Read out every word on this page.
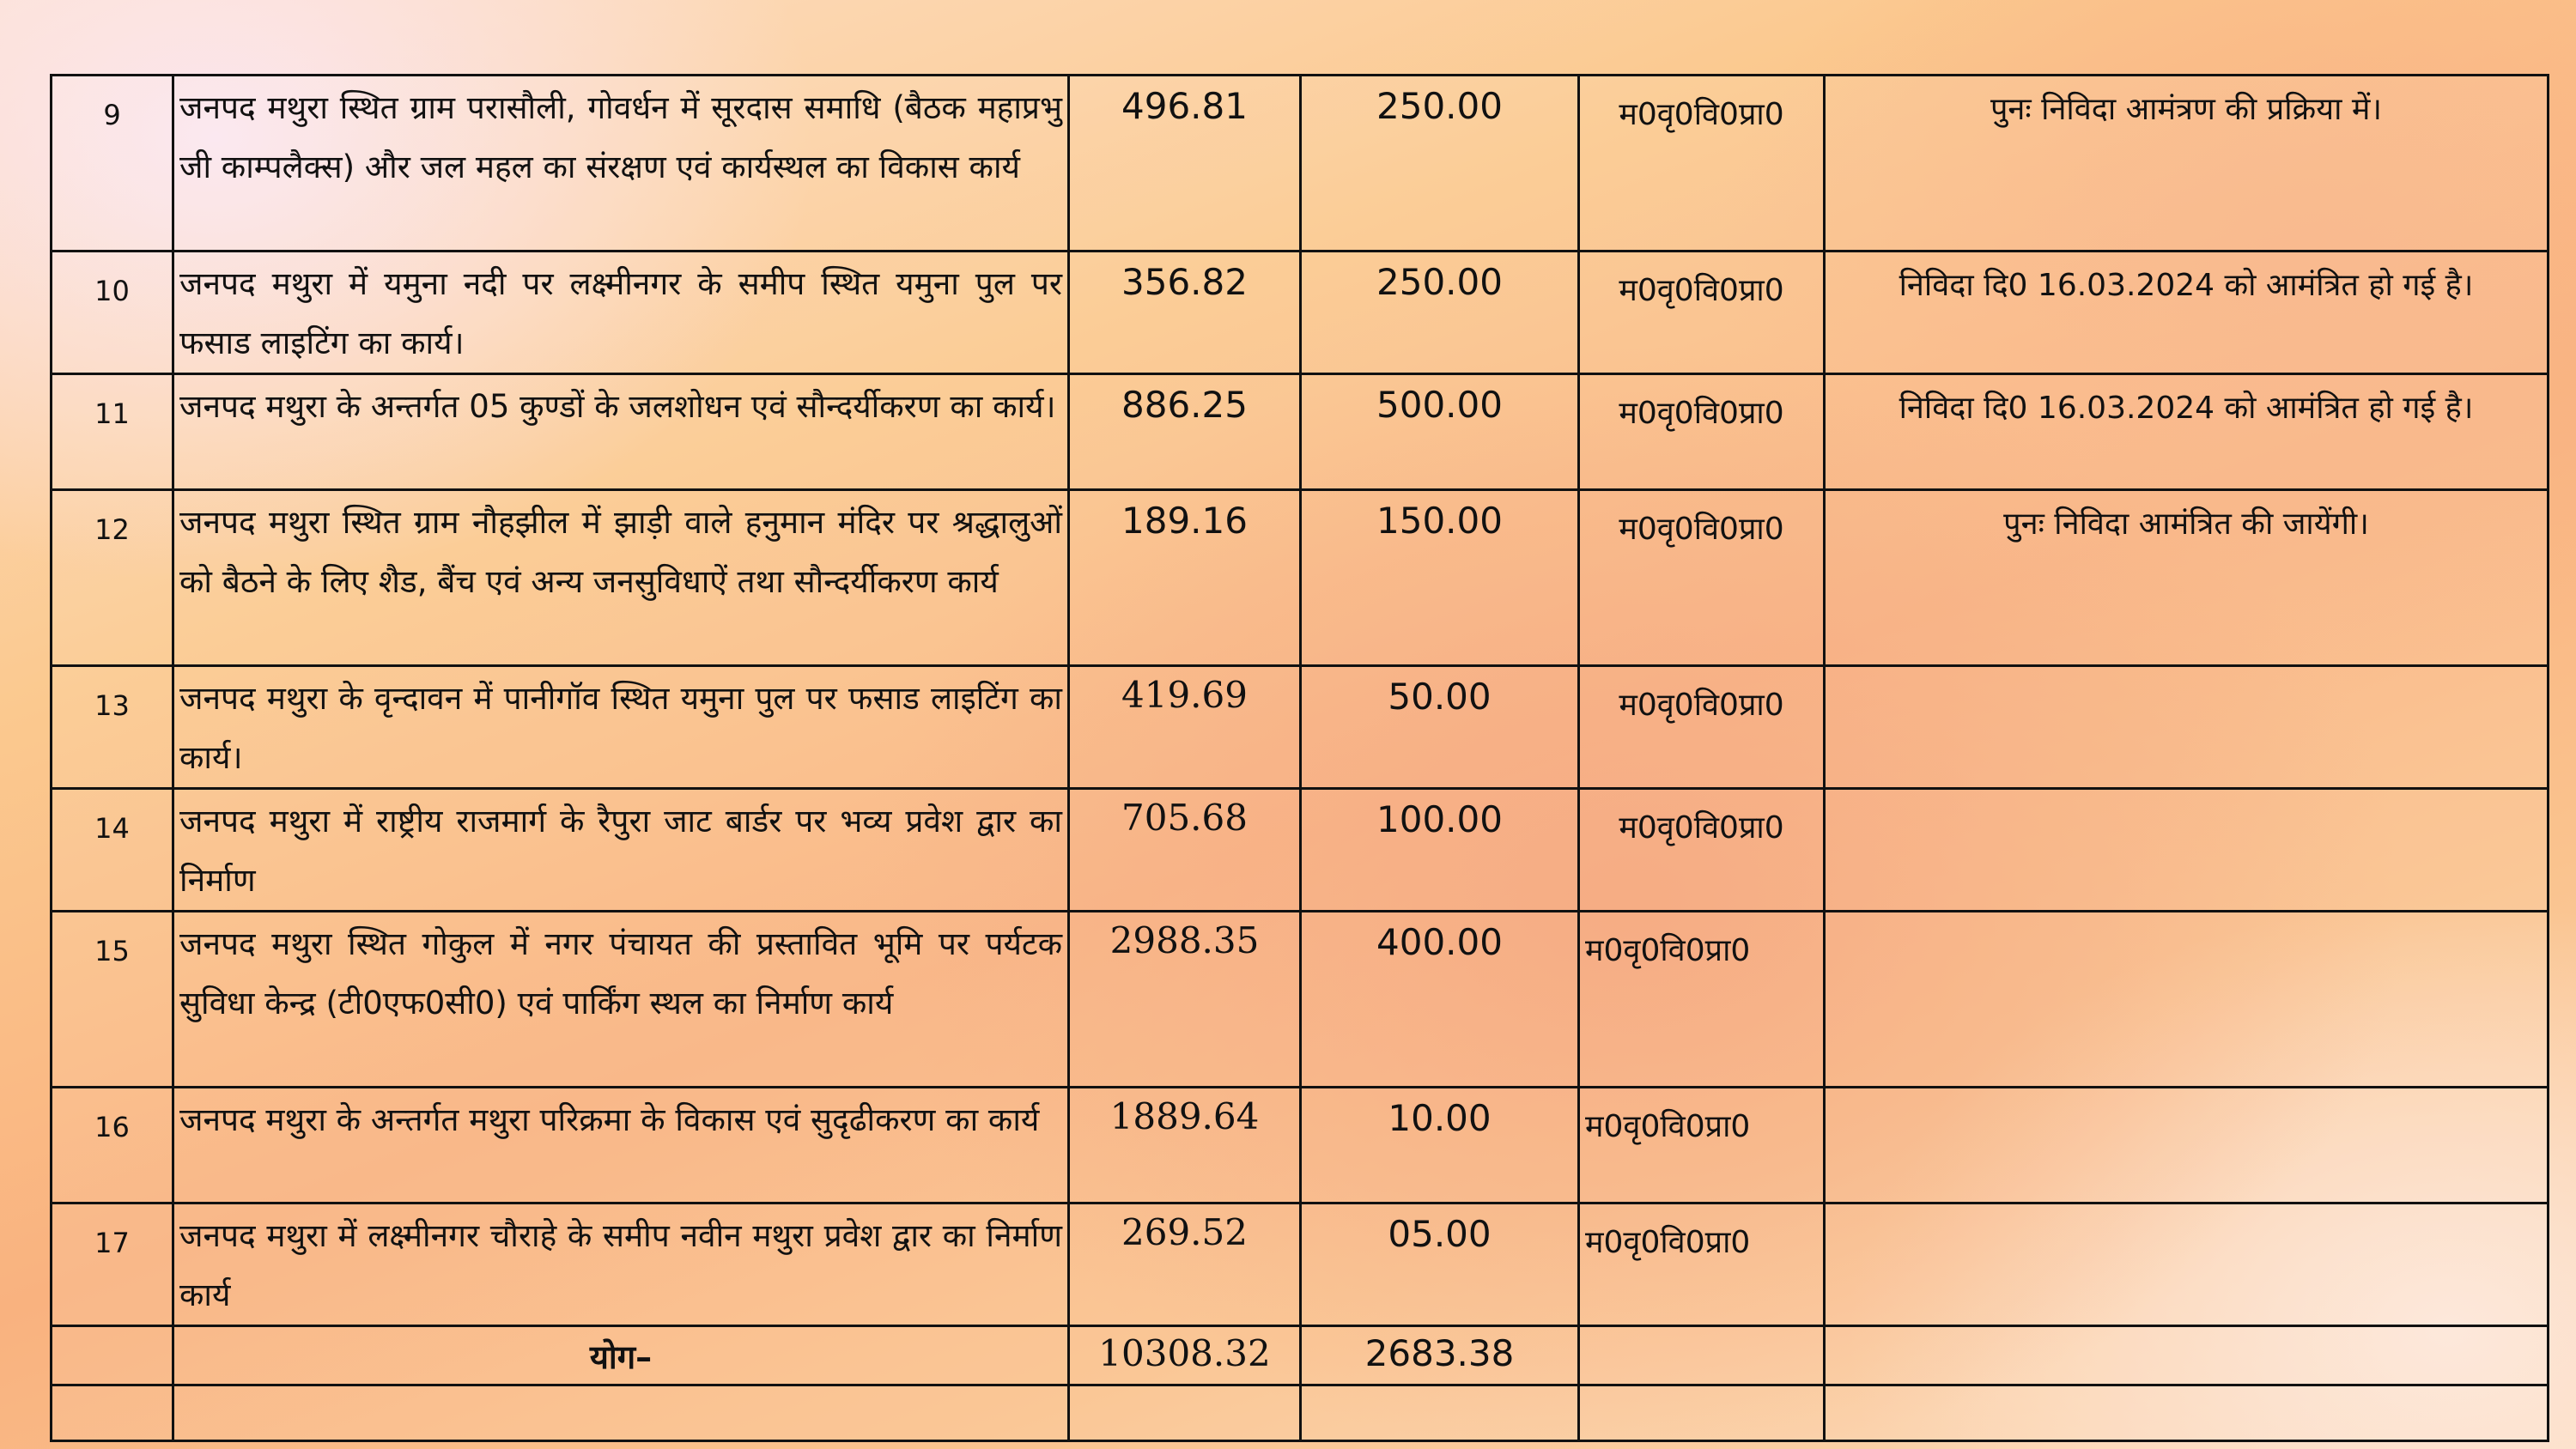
9	जनपद मथुरा स्थित ग्राम परासौली, गोवर्धन में सूरदास समाधि (बैठक महाप्रभु जी काम्पलैक्स) और जल महल का संरक्षण एवं कार्यस्थल का विकास कार्य	496.81	250.00	म0वृ0वि0प्रा0	पुनः निविदा आमंत्रण की प्रक्रिया में।

10	जनपद मथुरा में यमुना नदी पर लक्ष्मीनगर के समीप स्थित यमुना पुल पर फसाड लाइटिंग का कार्य।	356.82	250.00	म0वृ0वि0प्रा0	निविदा दि0 16.03.2024 को आमंत्रित हो गई है।

11	जनपद मथुरा के अन्तर्गत 05 कुण्डों के जलशोधन एवं सौन्दर्यीकरण का कार्य।	886.25	500.00	म0वृ0वि0प्रा0	निविदा दि0 16.03.2024 को आमंत्रित हो गई है।

12	जनपद मथुरा स्थित ग्राम नौहझील में झाड़ी वाले हनुमान मंदिर पर श्रद्धालुओं को बैठने के लिए शैड, बैंच एवं अन्य जनसुविधाऐं तथा सौन्दर्यीकरण कार्य	189.16	150.00	म0वृ0वि0प्रा0	पुनः निविदा आमंत्रित की जायेंगी।

13	जनपद मथुरा के वृन्दावन में पानीगॉव स्थित यमुना पुल पर फसाड लाइटिंग का कार्य।	419.69	50.00	म0वृ0वि0प्रा0	

14	जनपद मथुरा में राष्ट्रीय राजमार्ग के रैपुरा जाट बार्डर पर भव्य प्रवेश द्वार का निर्माण	705.68	100.00	म0वृ0वि0प्रा0	

15	जनपद मथुरा स्थित गोकुल में नगर पंचायत की प्रस्तावित भूमि पर पर्यटक सुविधा केन्द्र (टी0एफ0सी0) एवं पार्किंग स्थल का निर्माण कार्य	2988.35	400.00	म0वृ0वि0प्रा0	

16	जनपद मथुरा के अन्तर्गत मथुरा परिक्रमा के विकास एवं सुदृढीकरण का कार्य	1889.64	10.00	म0वृ0वि0प्रा0	

17	जनपद मथुरा में लक्ष्मीनगर चौराहे के समीप नवीन मथुरा प्रवेश द्वार का निर्माण कार्य	269.52	05.00	म0वृ0वि0प्रा0	

	योग–	10308.32	2683.38		
